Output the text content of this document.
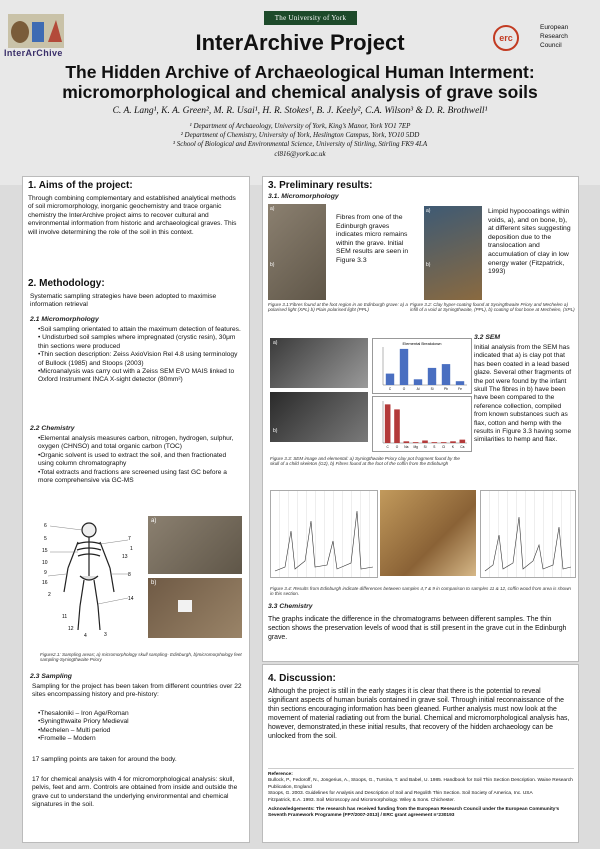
The University of York
InterArChive	InterArchive Project	erc
European
Research
Council
The Hidden Archive of Archaeological Human Interment:
micromorphological and chemical analysis of grave soils
C. A. Lang¹, K. A. Green², M. R. Usai¹, H. R. Stokes¹, B. J. Keely², C.A. Wilson³ & D. R. Brothwell¹
¹ Department of Archaeology, University of York, King’s Manor, York YO1 7EP
² Department of Chemistry, University of York, Heslington Campus, York, YO10 5DD
³ School of Biological and Environmental Science, University of Stirling, Stirling FK9 4LA
cl816@york.ac.uk
1. Aims of the project:
Through combining complementary and established analytical methods of soil micromorphology, inorganic geochemistry and trace organic chemistry the InterArchive project aims to recover cultural and environmental information from historic and archaeological graves. This will involve determining the role of the soil in this context.
2. Methodology:
Systematic sampling strategies have been adopted to maximise information retrieval
2.1 Micromorphology
•Soil sampling orientated to attain the maximum detection of features.
• Undisturbed soil samples where impregnated (crystic resin), 30μm thin sections were produced
•Thin section description: Zeiss AxioVision Rel 4.8 using terminology of Bullock (1985) and Stoops (2003)
•Microanalysis was carry out with a Zeiss SEM EVO MAIS linked to Oxford Instrument INCA X-sight detector (80mm²)
2.2 Chemistry
•Elemental analysis measures carbon, nitrogen, hydrogen, sulphur, oxygen (CHNSO) and total organic carbon (TOC)
•Organic solvent is used to extract the soil, and then fractionated using column chromatography
•Total extracts and fractions are screened using fast GC before a more comprehensive via GC-MS
6
5
15
10
9
16
2
11
12
4
13
3
7
1
8
14
a)
b)
Figure2.1: Sampling areas; a) micromorphology skull sampling- Edinburgh, b)micromorphology feet sampling-Syningthwaite Priory
2.3 Sampling
Sampling for the project has been taken from different countries over 22 sites encompassing history and pre-history:
•Thesaloniki – Iron Age/Roman
•Syningthwaite Priory Medieval
•Mechelen – Multi period
•Fromelle – Modern
17 sampling points are taken for around the body.
17 for chemical analysis with 4 for micromorphological analysis: skull, pelvis, feet and arm. Controls are obtained from inside and outside the grave cut to understand the underlying environmental and chemical signatures in the soil.
3. Preliminary results:
3.1. Micromorphology
a)
b)
Fibres from one of the Edinburgh graves indicates micro remains within the grave. Initial SEM results are seen in Figure 3.3
a)
b)
Limpid hypocoatings within voids, a), and on bone, b), at different sites suggesting deposition due to the translocation and accumulation of clay in low energy water (Fitzpatrick, 1993)
Figure 3.1:Fibres found at the foot region in an Edinburgh grave: a) a polarised light (XPL) b) Plain polarised light (PPL)
Figure 3.2: Clay hyper-coating found at Syningthwaite Priory and Mechelen a) infill of a void at Syningthwaite, (PPL), b) coating of foot bone at Mechelen, (XPL)
a)
b)
Elemental Breakdown
C	O	Al	Si	Pb	Fe
C O Na Mg Si S Cl K Ca
3.2 SEM
Initial analysis from the SEM has indicated that a) is clay pot that has been coated in a lead based glaze. Several other fragments of the pot were found by the infant skull The fibres in b) have been have been compared to the reference collection, compiled from known substances such as flax, cotton and hemp with the results in Figure 3.3 having some similarities to hemp and flax.
Figure 3.3: SEM image and elemental: a) Syningthwaite Priory clay pot fragment found by the skull of a child skeleton (G2), b) Fibres found at the foot of the coffin from the Edinburgh
Figure 3.4: Results from Edinburgh indicate differences between samples 4,7 & 9 in comparison to samples 11 & 12, coffin wood from area is shown in this section.
3.3 Chemistry
The graphs indicate the difference in the chromatograms between different samples. The thin section shows the preservation levels of wood that is still present in the grave cut in the Edinburgh grave.
4. Discussion:
Although the project is still in the early stages it is clear that there is the potential to reveal significant aspects of human burials contained in grave soil. Through initial reconnaissance of the thin sections encouraging information has been gleaned. Further analysis must now look at the movement of material radiating out from the burial. Chemical and micromorphological analysis has, however, demonstrated,in these initial results, that recovery of the hidden archaeology can be unlocked from the soil.
Reference:
Bullock, P., Fedoroff, N., Jongerius, A., Stoops, G., Tursina, T. and Babel, U. 1985. Handbook for Soil Thin Section Description. Waine Research Publication, England
Stoops, G. 2003. Guidelines for Analysis and Description of Soil and Regolith Thin Section. Soil Society of America, Inc. USA
Fitzpatrick, E.A. 1993. Soil Microscopy and Micromorphology. Wiley & Sons. Chichester.
Acknowledgements: The research has received funding from the European Research Council under the European Community’s Seventh Framework Programme (FP7/2007-2013) / ERC grant agreement n°230193
